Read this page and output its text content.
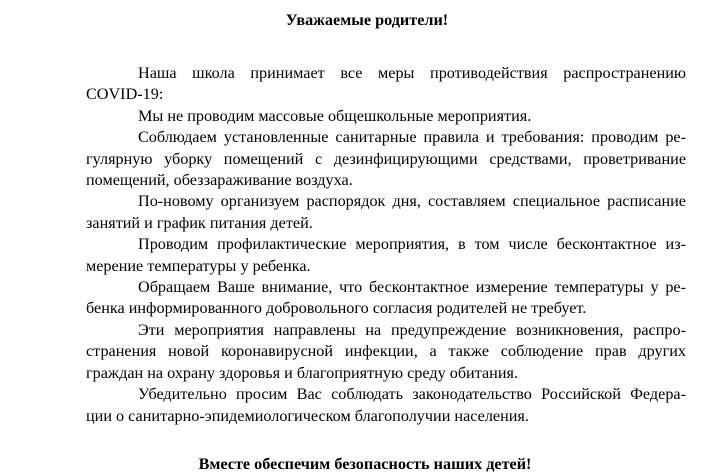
Уважаемые родители!

Наша школа принимает все меры противодействия распространению
COVID-19:
Мы не проводим массовые общешкольные мероприятия.
Соблюдаем установленные санитарные правила и требования: проводим ре-
гулярную уборку помещений с дезинфицирующими средствами, проветривание
помещений, обеззараживание воздуха.
По-новому организуем распорядок дня, составляем специальное расписание
занятий и график питания детей.
Проводим профилактические мероприятия, в том числе бесконтактное из-
мерение температуры у ребенка.
Обращаем Ваше внимание, что бесконтактное измерение температуры у ре-
бенка информированного добровольного согласия родителей не требует.
Эти мероприятия направлены на предупреждение возникновения, распро-
странения новой коронавирусной инфекции, а также соблюдение прав других
граждан на охрану здоровья и благоприятную среду обитания.
Убедительно просим Вас соблюдать законодательство Российской Федера-
ции о санитарно-эпидемиологическом благополучии населения.

Вместе обеспечим безопасность наших детей!
